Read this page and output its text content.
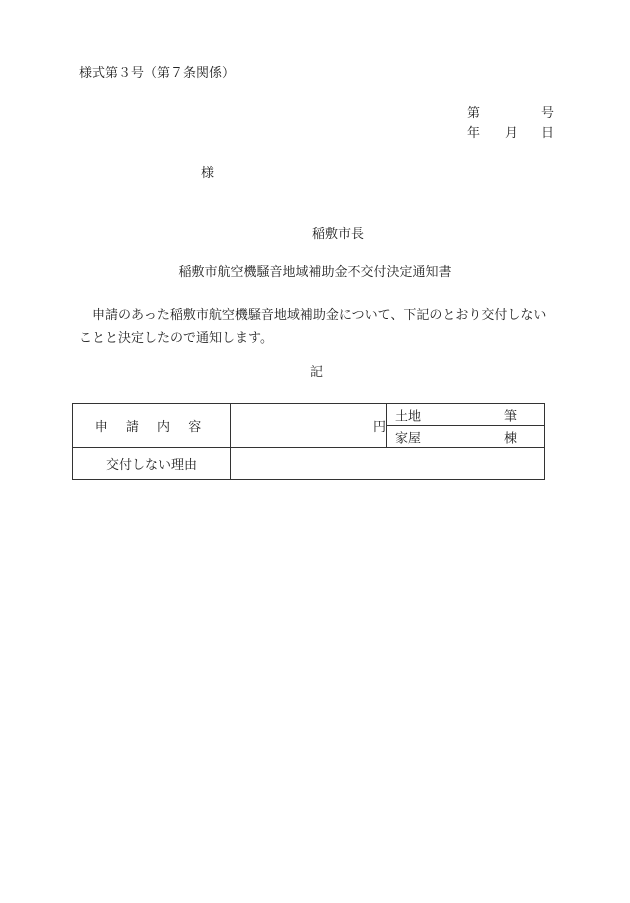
様式第３号（第７条関係）
第	号
年 月 日
様
稲敷市長
稲敷市航空機騒音地域補助金不交付決定通知書
申請のあった稲敷市航空機騒音地域補助金について、下記のとおり交付しないことと決定したので通知します。
記
申 請 内 容	円	土地 筆

		家屋 棟

交付しない理由		
